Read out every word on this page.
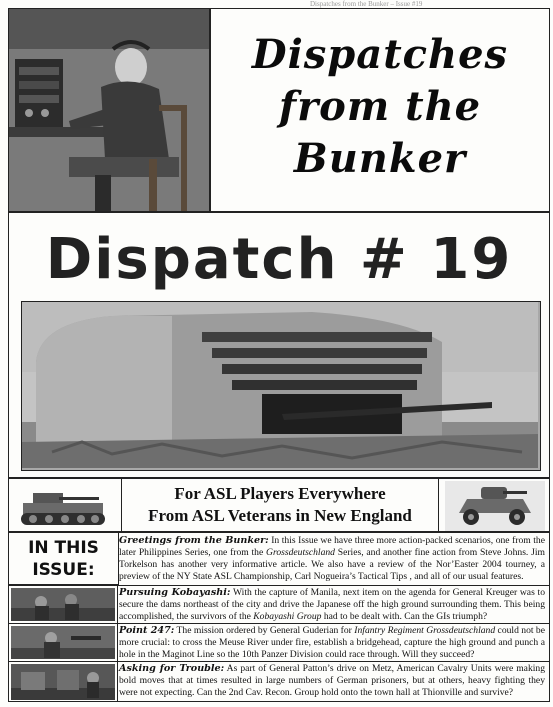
Dispatches from the Bunker – Issue #19
Dispatches
from the
Bunker
Dispatch # 19
For ASL Players Everywhere
From ASL Veterans in New England
Greetings from the Bunker: In this Issue we have three more action-packed scenarios, one from the later Philippines Series, one from the Grossdeutschland Series, and another fine action from Steve Johns. Jim Torkelson has another very informative article. We also have a review of the Nor’Easter 2004 tourney, a preview of the NY State ASL Championship, Carl Nogueira’s Tactical Tips , and all of our usual features.
IN THIS
ISSUE:
Pursuing Kobayashi: With the capture of Manila, next item on the agenda for General Kreuger was to secure the dams northeast of the city and drive the Japanese off the high ground surrounding them. This being accomplished, the survivors of the Kobayashi Group had to be dealt with. Can the GIs triumph?
Point 247: The mission ordered by General Guderian for Infantry Regiment Grossdeutschland could not be more crucial: to cross the Meuse River under fire, establish a bridgehead, capture the high ground and punch a hole in the Maginot Line so the 10th Panzer Division could race through. Will they succeed?
Asking for Trouble: As part of General Patton’s drive on Metz, American Cavalry Units were making bold moves that at times resulted in large numbers of German prisoners, but at others, heavy fighting they were not expecting. Can the 2nd Cav. Recon. Group hold onto the town hall at Thionville and survive?
